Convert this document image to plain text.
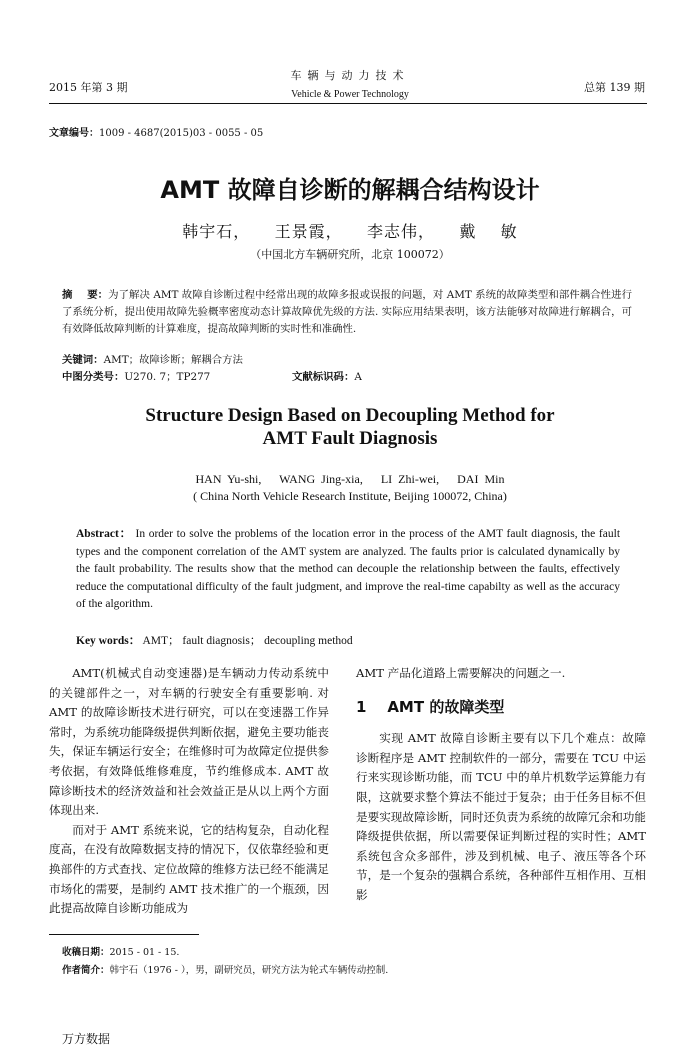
2015 年第 3 期
车辆与动力技术
Vehicle & Power Technology
总第 139 期
文章编号：1009 - 4687(2015)03 - 0055 - 05
AMT 故障自诊断的解耦合结构设计
韩宇石，    王景霞，    李志伟，    戴    敏
（中国北方车辆研究所，北京 100072）
摘    要：为了解决 AMT 故障自诊断过程中经常出现的故障多报或误报的问题，对 AMT 系统的故障类型和部件耦合性进行了系统分析，提出使用故障先验概率密度动态计算故障优先级的方法. 实际应用结果表明，该方法能够对故障进行解耦合，可有效降低故障判断的计算难度，提高故障判断的实时性和准确性.
关键词：AMT；故障诊断；解耦合方法
中图分类号：U270. 7；TP277	文献标识码：A
Structure Design Based on Decoupling Method for
AMT Fault Diagnosis
HAN Yu-shi,   WANG Jing-xia,   LI Zhi-wei,   DAI Min
( China North Vehicle Research Institute, Beijing 100072, China)
Abstract： In order to solve the problems of the location error in the process of the AMT fault diagnosis, the fault types and the component correlation of the AMT system are analyzed. The faults prior is calculated dynamically by the fault probability. The results show that the method can decouple the relationship between the faults, effectively reduce the computational difficulty of the fault judgment, and improve the real-time capabilty as well as the accuracy of the algorithm.
Key words： AMT； fault diagnosis； decoupling method

AMT(机械式自动变速器)是车辆动力传动系统中的关键部件之一，对车辆的行驶安全有重要影响. 对 AMT 的故障诊断技术进行研究，可以在变速器工作异常时，为系统功能降级提供判断依据，避免主要功能丧失，保证车辆运行安全；在维修时可为故障定位提供参考依据，有效降低维修难度，节约维修成本. AMT 故障诊断技术的经济效益和社会效益正是从以上两个方面体现出来.

而对于 AMT 系统来说，它的结构复杂，自动化程度高，在没有故障数据支持的情况下，仅依靠经验和更换部件的方式查找、定位故障的维修方法已经不能满足市场化的需要，是制约 AMT 技术推广的一个瓶颈，因此提高故障自诊断功能成为

AMT 产品化道路上需要解决的问题之一.

1    AMT 的故障类型

实现 AMT 故障自诊断主要有以下几个难点：故障诊断程序是 AMT 控制软件的一部分，需要在 TCU 中运行来实现诊断功能，而 TCU 中的单片机数学运算能力有限，这就要求整个算法不能过于复杂；由于任务目标不但是要实现故障诊断，同时还负责为系统的故障冗余和功能降级提供依据，所以需要保证判断过程的实时性；AMT 系统包含众多部件，涉及到机械、电子、液压等各个环节，是一个复杂的强耦合系统，各种部件互相作用、互相影

收稿日期：2015 - 01 - 15.
作者简介：韩宇石（1976 - ），男，副研究员，研究方法为轮式车辆传动控制.
万方数据
